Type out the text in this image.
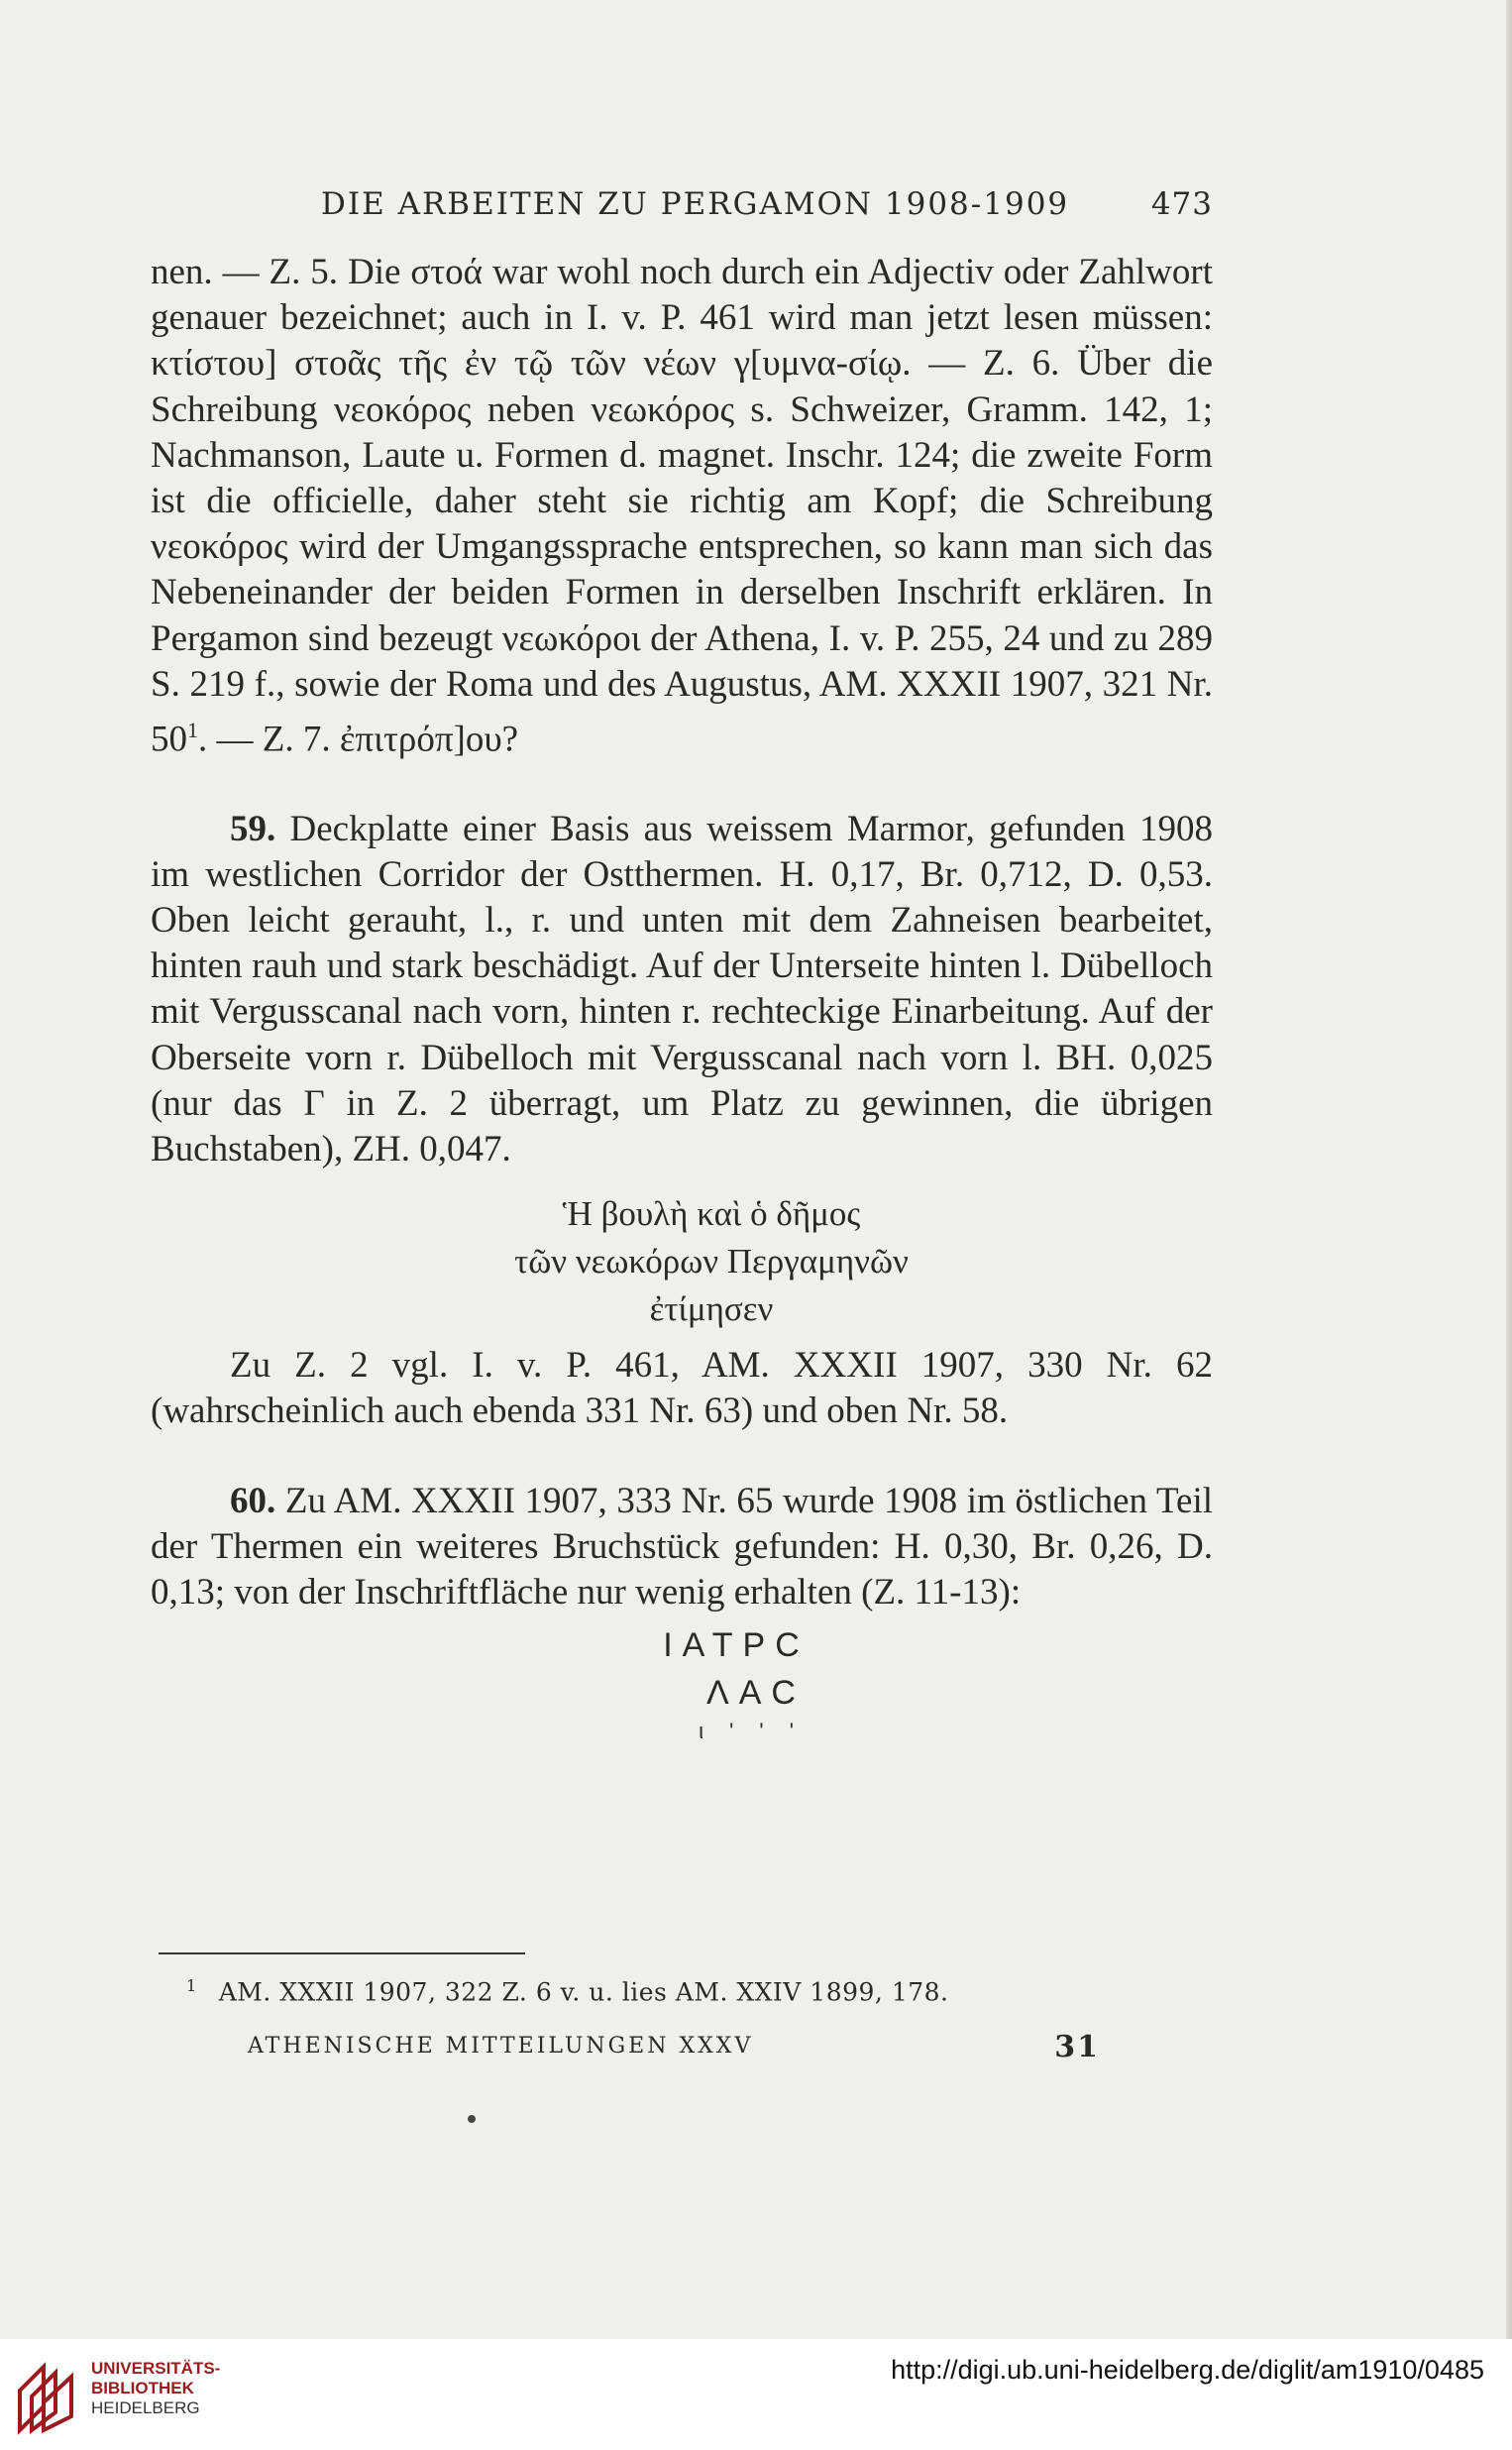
DIE ARBEITEN ZU PERGAMON 1908-1909	473

nen. — Z. 5. Die στοά war wohl noch durch ein Adjectiv oder Zahlwort genauer bezeichnet; auch in I. v. P. 461 wird man jetzt lesen müssen: κτίστου] στοᾶς τῆς ἐν τῷ τῶν νέων γ[υμνα-σίῳ. — Z. 6. Über die Schreibung νεοκόρος neben νεωκόρος s. Schweizer, Gramm. 142, 1; Nachmanson, Laute u. Formen d. magnet. Inschr. 124; die zweite Form ist die officielle, daher steht sie richtig am Kopf; die Schreibung νεοκόρος wird der Umgangssprache entsprechen, so kann man sich das Nebeneinander der beiden Formen in derselben Inschrift erklären. In Pergamon sind bezeugt νεωκόροι der Athena, I. v. P. 255, 24 und zu 289 S. 219 f., sowie der Roma und des Augustus, AM. XXXII 1907, 321 Nr. $50^1$. — Z. 7. ἐπιτρόπ]ου?

59. Deckplatte einer Basis aus weissem Marmor, gefunden 1908 im westlichen Corridor der Ostthermen. H. 0,17, Br. 0,712, D. 0,53. Oben leicht gerauht, l., r. und unten mit dem Zahneisen bearbeitet, hinten rauh und stark beschädigt. Auf der Unterseite hinten l. Dübelloch mit Vergusscanal nach vorn, hinten r. rechteckige Einarbeitung. Auf der Oberseite vorn r. Dübelloch mit Vergusscanal nach vorn l. BH. 0,025 (nur das Γ in Z. 2 überragt, um Platz zu gewinnen, die übrigen Buchstaben), ZH. 0,047.

Ἡ βουλὴ καὶ ὁ δῆμος
τῶν νεωκόρων Περγαμηνῶν
ἐτίμησεν

Zu Z. 2 vgl. I. v. P. 461, AM. XXXII 1907, 330 Nr. 62 (wahrscheinlich auch ebenda 331 Nr. 63) und oben Nr. 58.

60. Zu AM. XXXII 1907, 333 Nr. 65 wurde 1908 im östlichen Teil der Thermen ein weiteres Bruchstück gefunden: H. 0,30, Br. 0,26, D. 0,13; von der Inschriftfläche nur wenig erhalten (Z. 11-13):

ΙΑΤΡC
ΛAC
ι ' ' '
$^1$ AM. XXXII 1907, 322 Z. 6 v. u. lies AM. XXIV 1899, 178.
ATHENISCHE MITTEILUNGEN XXXV	31
UNIVERSITÄTS-
BIBLIOTHEK
HEIDELBERG
http://digi.ub.uni-heidelberg.de/diglit/am1910/0485
